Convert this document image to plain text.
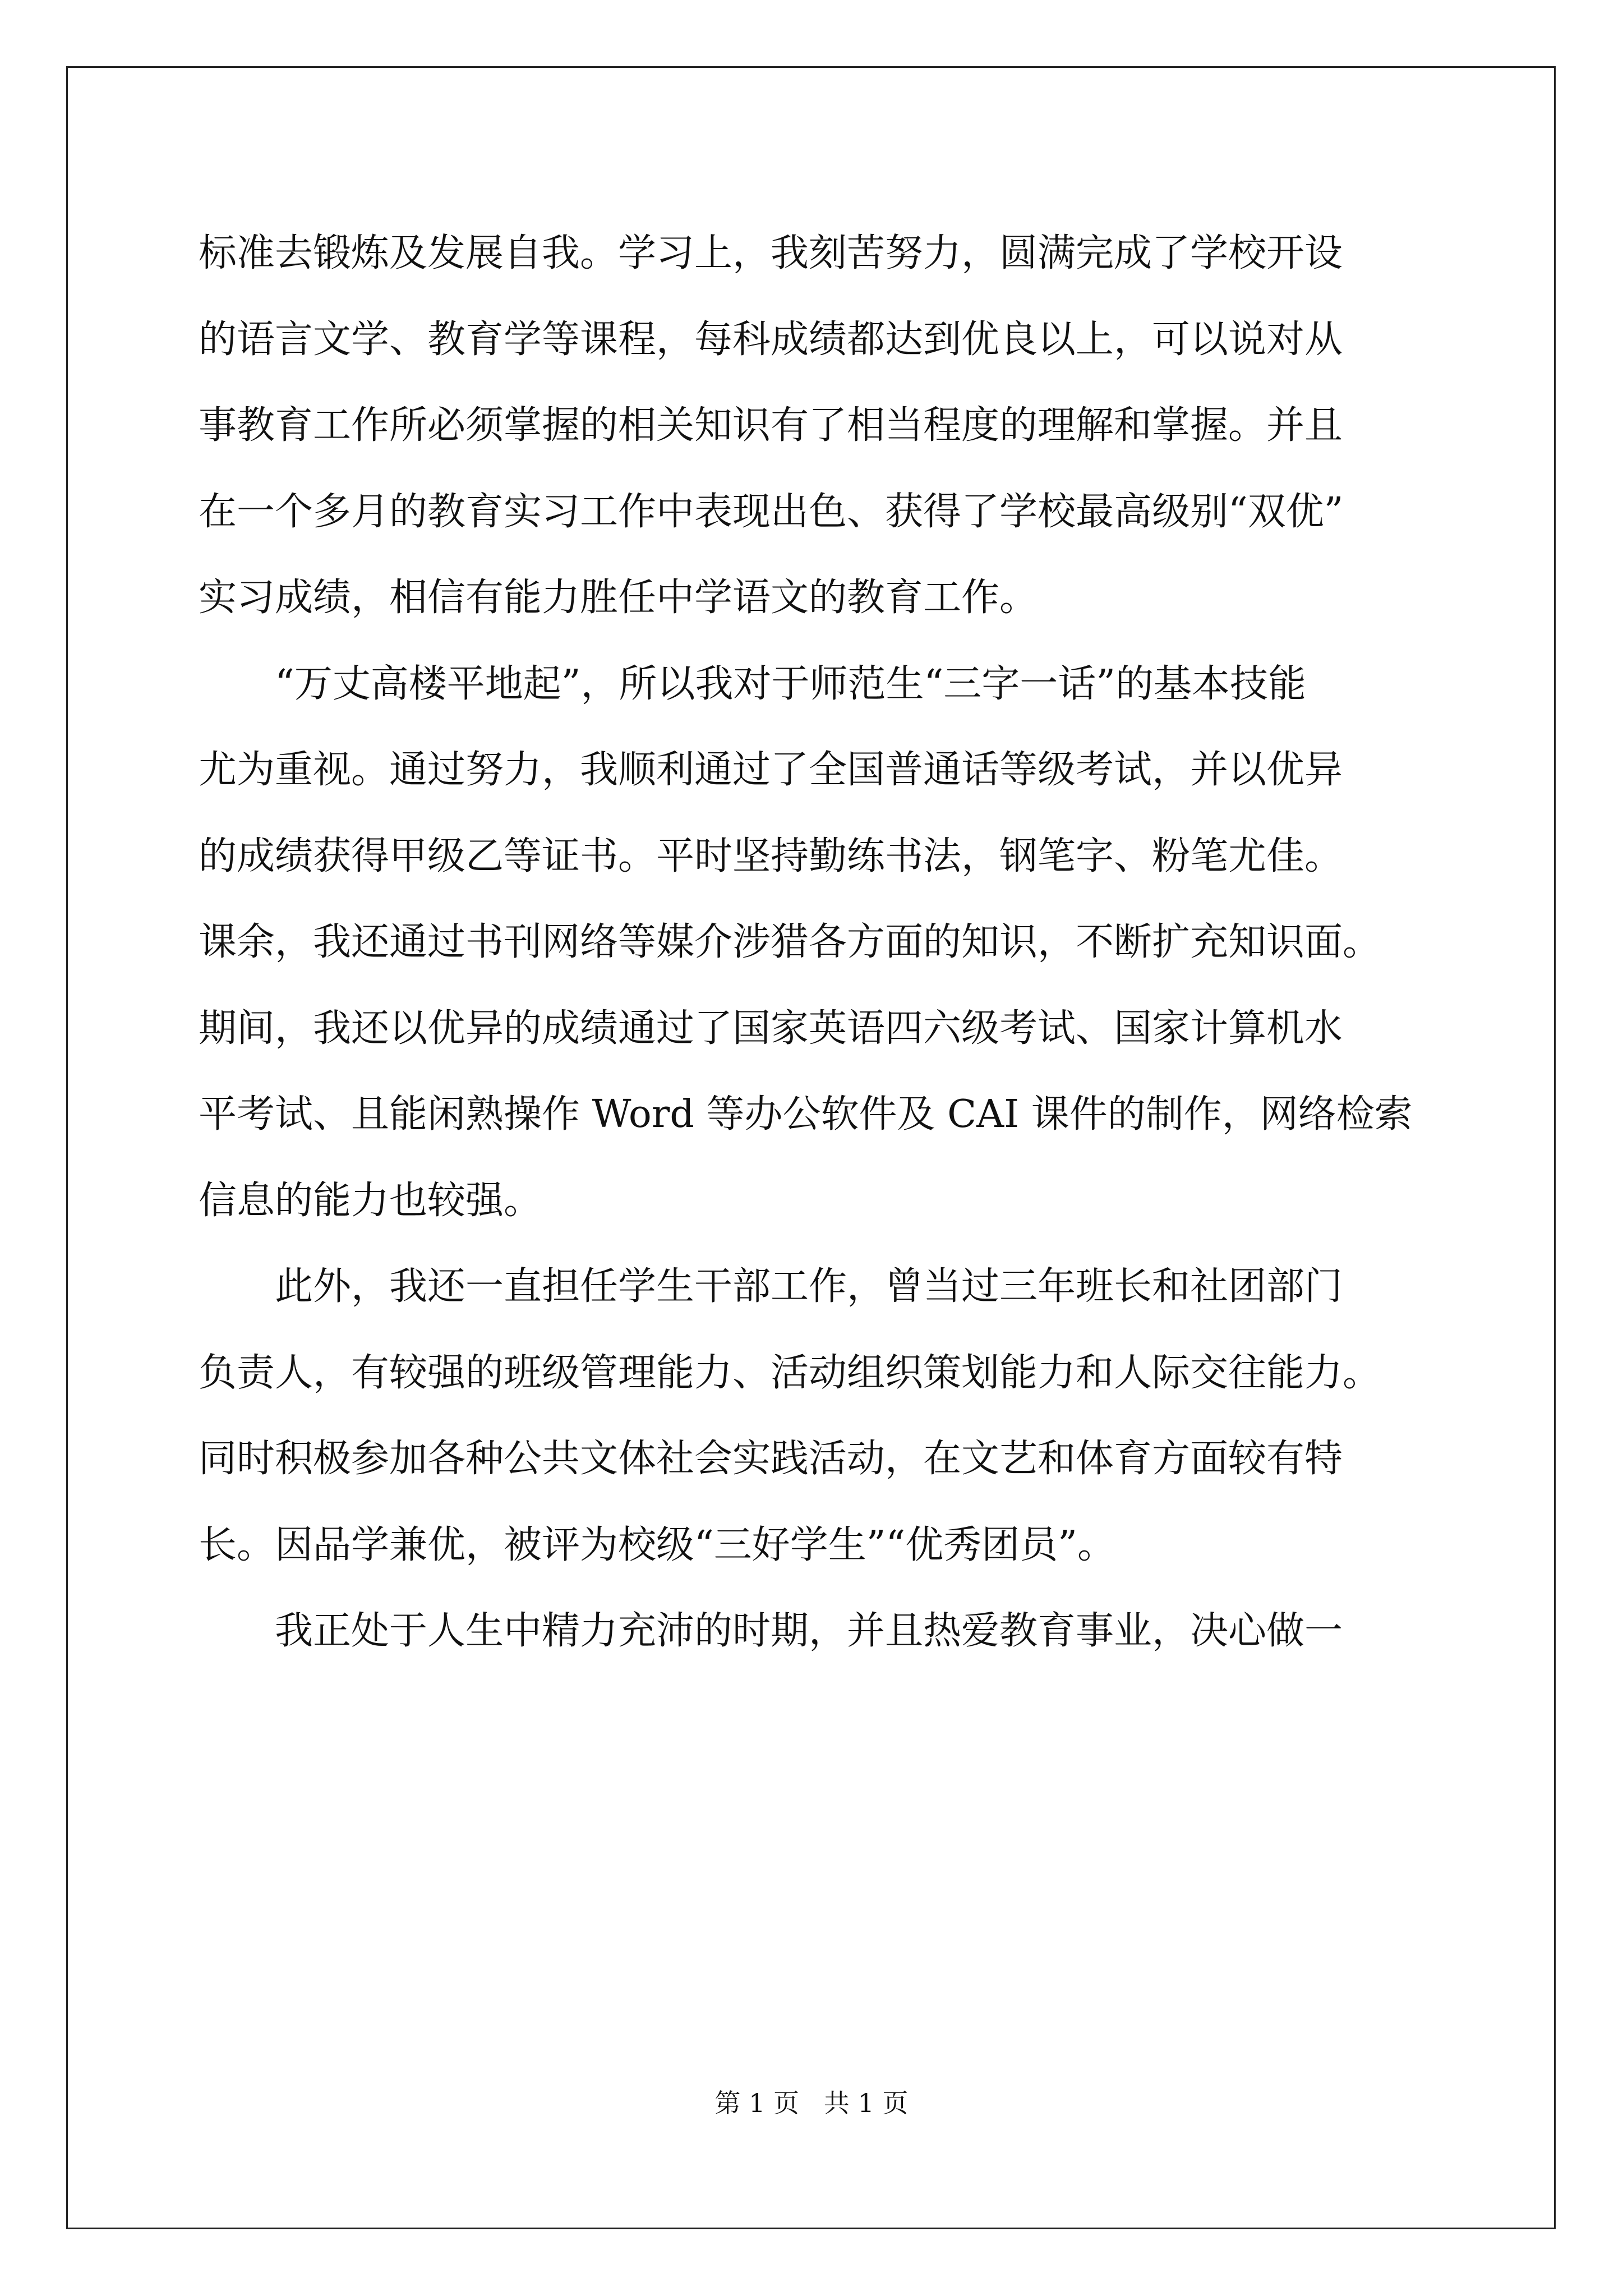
标准去锻炼及发展自我。学习上，我刻苦努力，圆满完成了学校开设
的语言文学、教育学等课程，每科成绩都达到优良以上，可以说对从
事教育工作所必须掌握的相关知识有了相当程度的理解和掌握。并且
在一个多月的教育实习工作中表现出色、获得了学校最高级别“双优”
实习成绩，相信有能力胜任中学语文的教育工作。
“万丈高楼平地起”，所以我对于师范生“三字一话”的基本技能
尤为重视。通过努力，我顺利通过了全国普通话等级考试，并以优异
的成绩获得甲级乙等证书。平时坚持勤练书法，钢笔字、粉笔尤佳。
课余，我还通过书刊网络等媒介涉猎各方面的知识，不断扩充知识面。
期间，我还以优异的成绩通过了国家英语四六级考试、国家计算机水
平考试、且能闲熟操作 Word 等办公软件及 CAI 课件的制作，网络检索
信息的能力也较强。
此外，我还一直担任学生干部工作，曾当过三年班长和社团部门
负责人，有较强的班级管理能力、活动组织策划能力和人际交往能力。
同时积极参加各种公共文体社会实践活动，在文艺和体育方面较有特
长。因品学兼优，被评为校级“三好学生”“优秀团员”。
我正处于人生中精力充沛的时期，并且热爱教育事业，决心做一
第 1 页   共 1 页
